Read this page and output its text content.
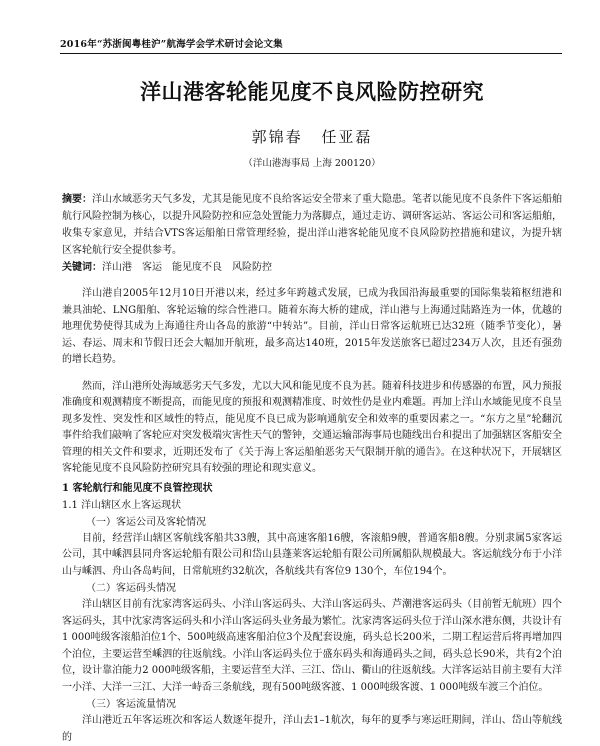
2016年“苏浙闽粤桂沪”航海学会学术研讨会论文集
洋山港客轮能见度不良风险防控研究
郭锦春 任亚磊
（洋山港海事局 上海 200120）
摘要：洋山水域恶劣天气多发，尤其是能见度不良给客运安全带来了重大隐患。笔者以能见度不良条件下客运船舶航行风险控制为核心，以提升风险防控和应急处置能力为落脚点，通过走访、调研客运站、客运公司和客运船舶，收集专家意见，并结合VTS客运船舶日常管理经验，提出洋山港客轮能见度不良风险防控措施和建议，为提升辖区客轮航行安全提供参考。
关键词：洋山港 客运 能见度不良 风险防控

洋山港自2005年12月10日开港以来，经过多年跨越式发展，已成为我国沿海最重要的国际集装箱枢纽港和兼具油轮、LNG船舶、客轮运输的综合性港口。随着东海大桥的建成，洋山港与上海通过陆路连为一体，优越的地理优势使得其成为上海通往舟山各岛的旅游“中转站”。目前，洋山日常客运航班已达32班（随季节变化），暑运、春运、周末和节假日还会大幅加开航班，最多高达140班，2015年发送旅客已超过234万人次，且还有强劲的增长趋势。

然而，洋山港所处海域恶劣天气多发，尤以大风和能见度不良为甚。随着科技进步和传感器的布置，风力预报准确度和观测精度不断提高，而能见度的预报和观测精准度、时效性仍是业内难题。再加上洋山水域能见度不良呈现多发性、突发性和区域性的特点，能见度不良已成为影响通航安全和效率的重要因素之一。“东方之星”轮翻沉事件给我们敲响了客轮应对突发极端灾害性天气的警钟，交通运输部海事局也随线出台和提出了加强辖区客船安全管理的相关文件和要求，近期还发布了《关于海上客运船舶恶劣天气限制开航的通告》。在这种状况下，开展辖区客轮能见度不良风险防控研究具有较强的理论和现实意义。

1 客轮航行和能见度不良管控现状
1.1 洋山辖区水上客运现状
（一）客运公司及客轮情况

目前，经营洋山辖区客航线客船共33艘，其中高速客船16艘，客滚船9艘，普通客船8艘。分别隶属5家客运公司，其中嵊泗县同舟客运轮船有限公司和岱山县蓬莱客运轮船有限公司所属船队规模最大。客运航线分布于小洋山与嵊泗、舟山各岛屿间，日常航班约32航次，各航线共有客位9 130个，车位194个。

（二）客运码头情况

洋山辖区目前有沈家湾客运码头、小洋山客运码头、大洋山客运码头、芦潮港客运码头（目前暂无航班）四个客运码头，其中沈家湾客运码头和小洋山客运码头业务最为繁忙。沈家湾客运码头位于洋山深水港东侧，共设计有1 000吨级客滚船泊位1个、500吨级高速客船泊位3个及配套设施，码头总长200米，二期工程运营后将再增加四个泊位，主要运营至嵊泗的往返航线。小洋山客运码头位于盛东码头和海通码头之间，码头总长90米，共有2个泊位，设计靠泊能力2 000吨级客船，主要运营至大洋、三江、岱山、衢山的往返航线。大洋客运站目前主要有大洋一小洋、大洋一三江、大洋一峙岙三条航线，现有500吨级客渡、1 000吨级客渡、1 000吨级车渡三个泊位。

（三）客运流量情况

洋山港近五年客运班次和客运人数逐年提升，洋山去1–1航次，每年的夏季与寒运旺期间，洋山、岱山等航线的
